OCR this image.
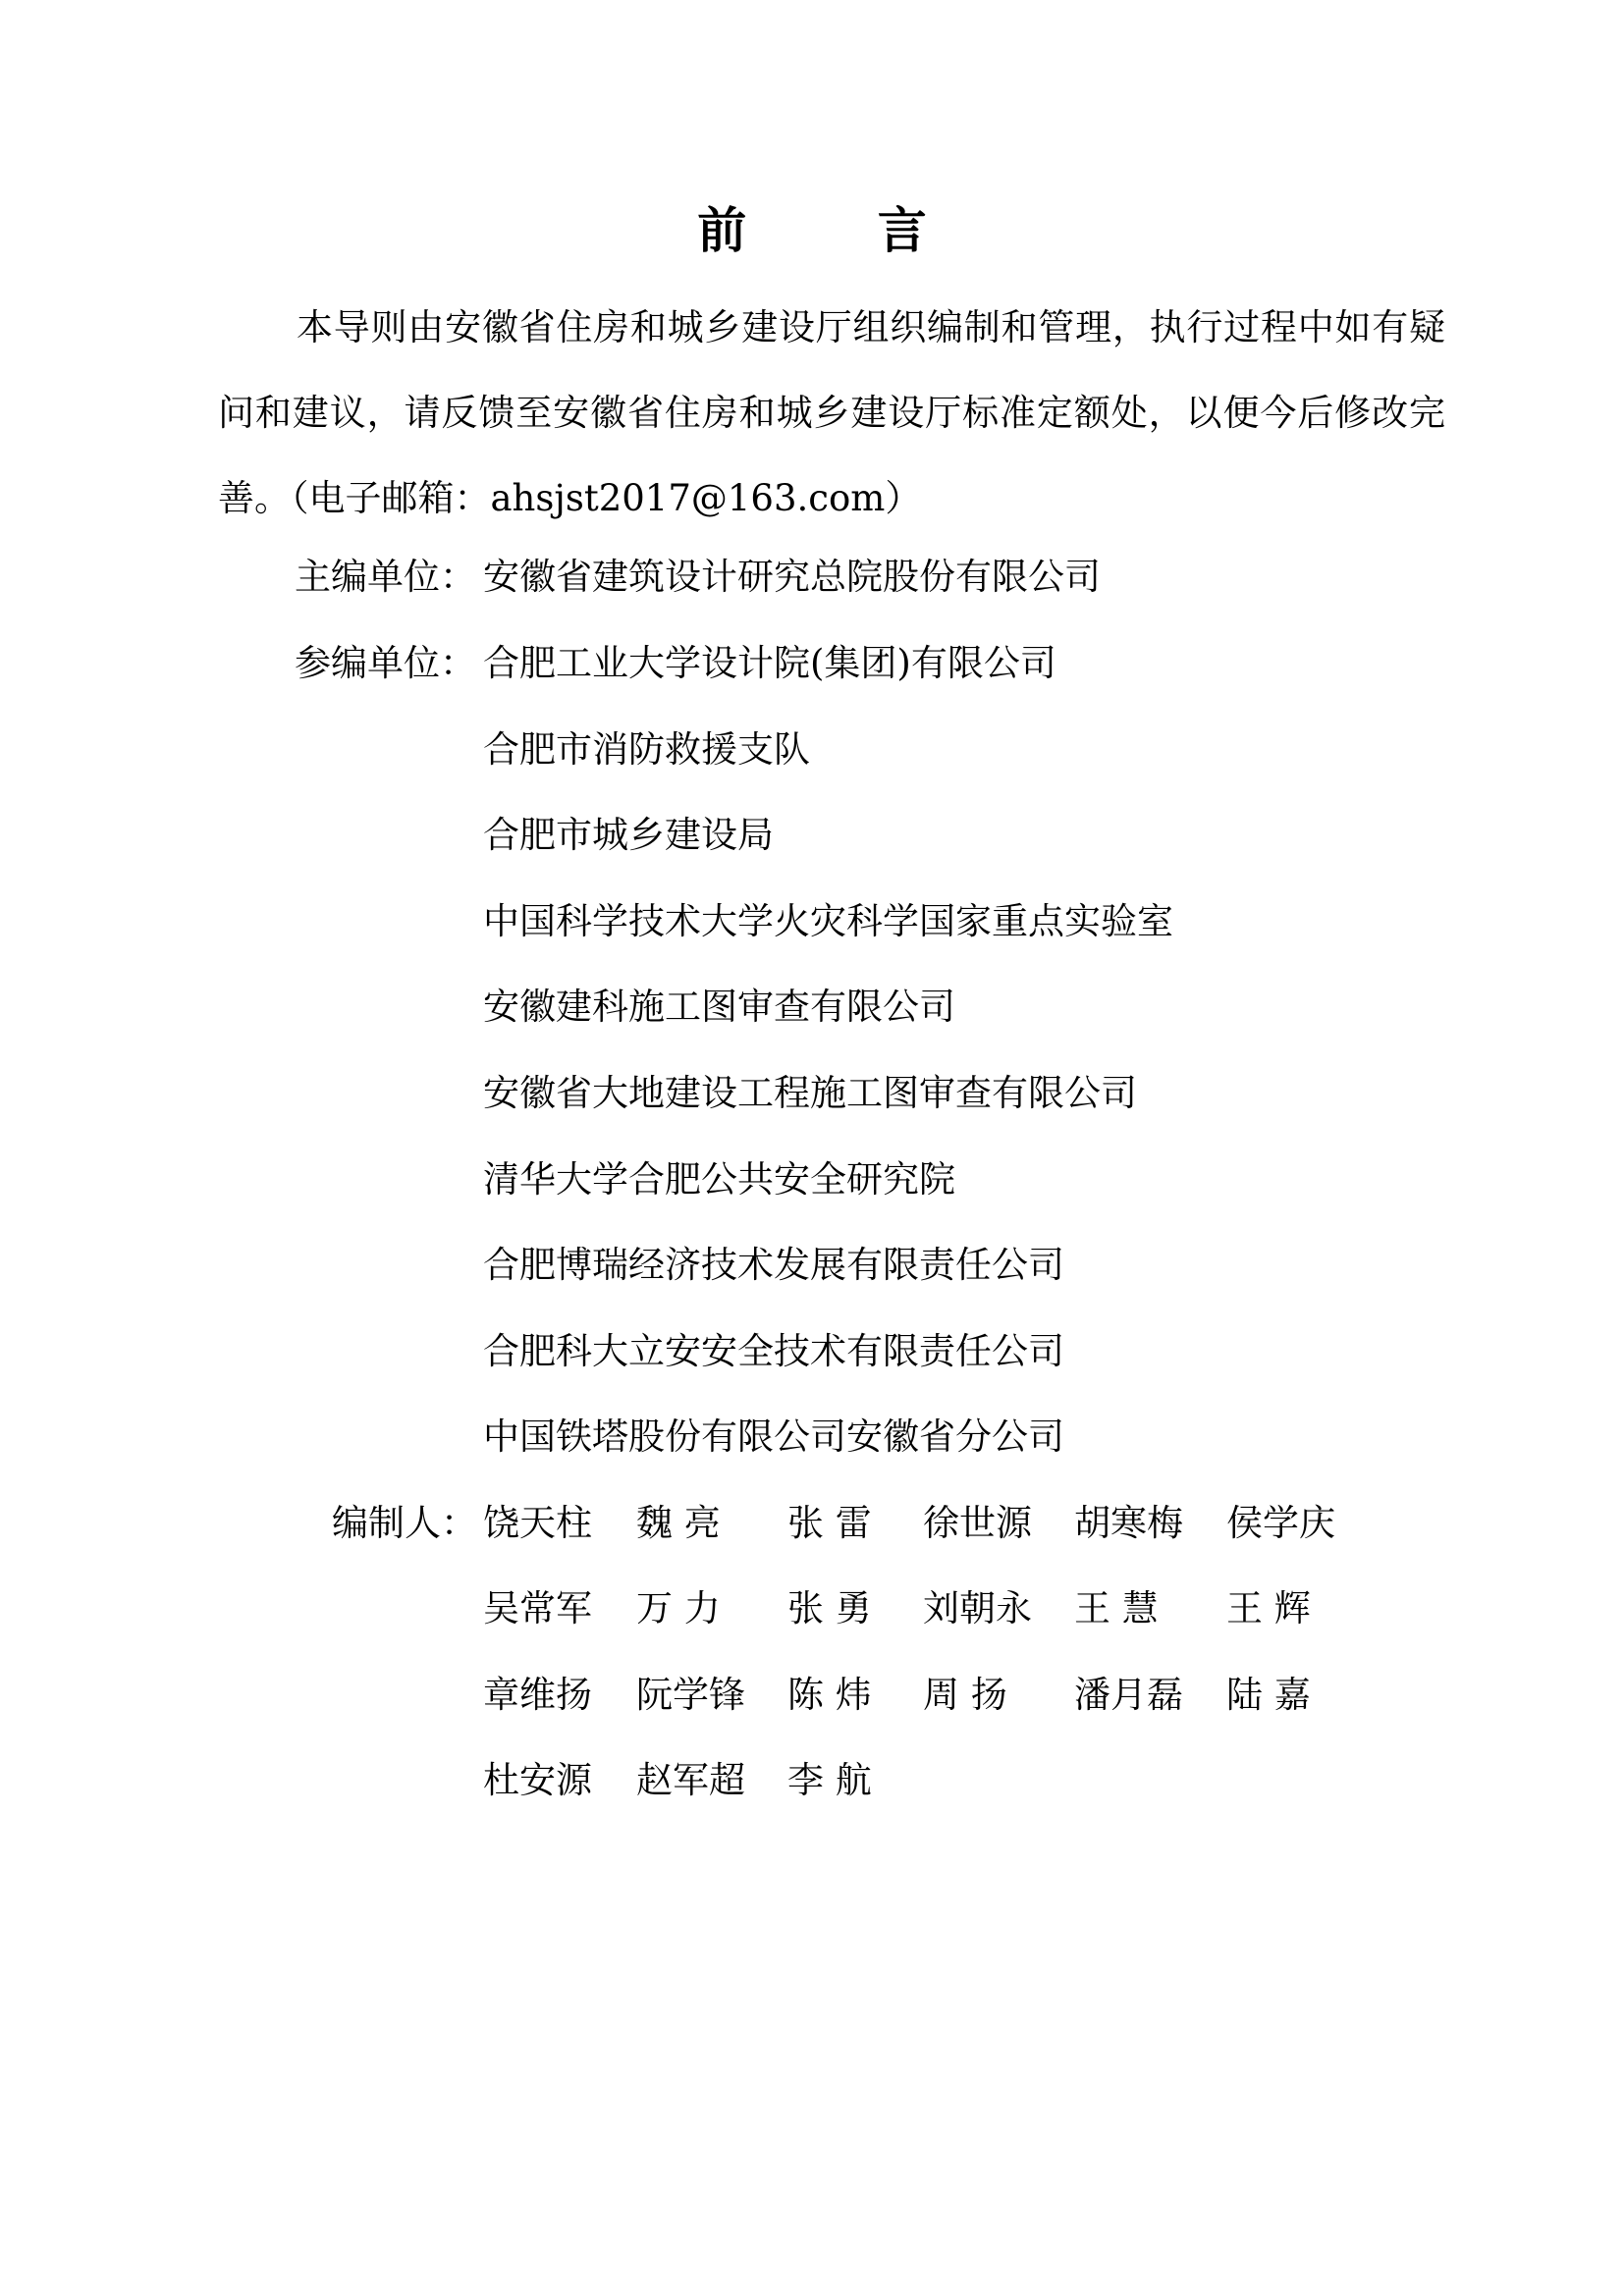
前 言
本导则由安徽省住房和城乡建设厅组织编制和管理，执行过程中如有疑问和建议，请反馈至安徽省住房和城乡建设厅标准定额处，以便今后修改完善。（电子邮箱：ahsjst2017@163.com）
主编单位： 安徽省建筑设计研究总院股份有限公司
参编单位： 合肥工业大学设计院(集团)有限公司
合肥市消防救援支队
合肥市城乡建设局
中国科学技术大学火灾科学国家重点实验室
安徽建科施工图审查有限公司
安徽省大地建设工程施工图审查有限公司
清华大学合肥公共安全研究院
合肥博瑞经济技术发展有限责任公司
合肥科大立安安全技术有限责任公司
中国铁塔股份有限公司安徽省分公司
编制人： 饶天柱 魏 亮 张 雷 徐世源 胡寒梅 侯学庆
吴常军 万 力 张 勇 刘朝永 王 慧 王 辉
章维扬 阮学锋 陈 炜 周 扬 潘月磊 陆 嘉
杜安源 赵军超 李 航
